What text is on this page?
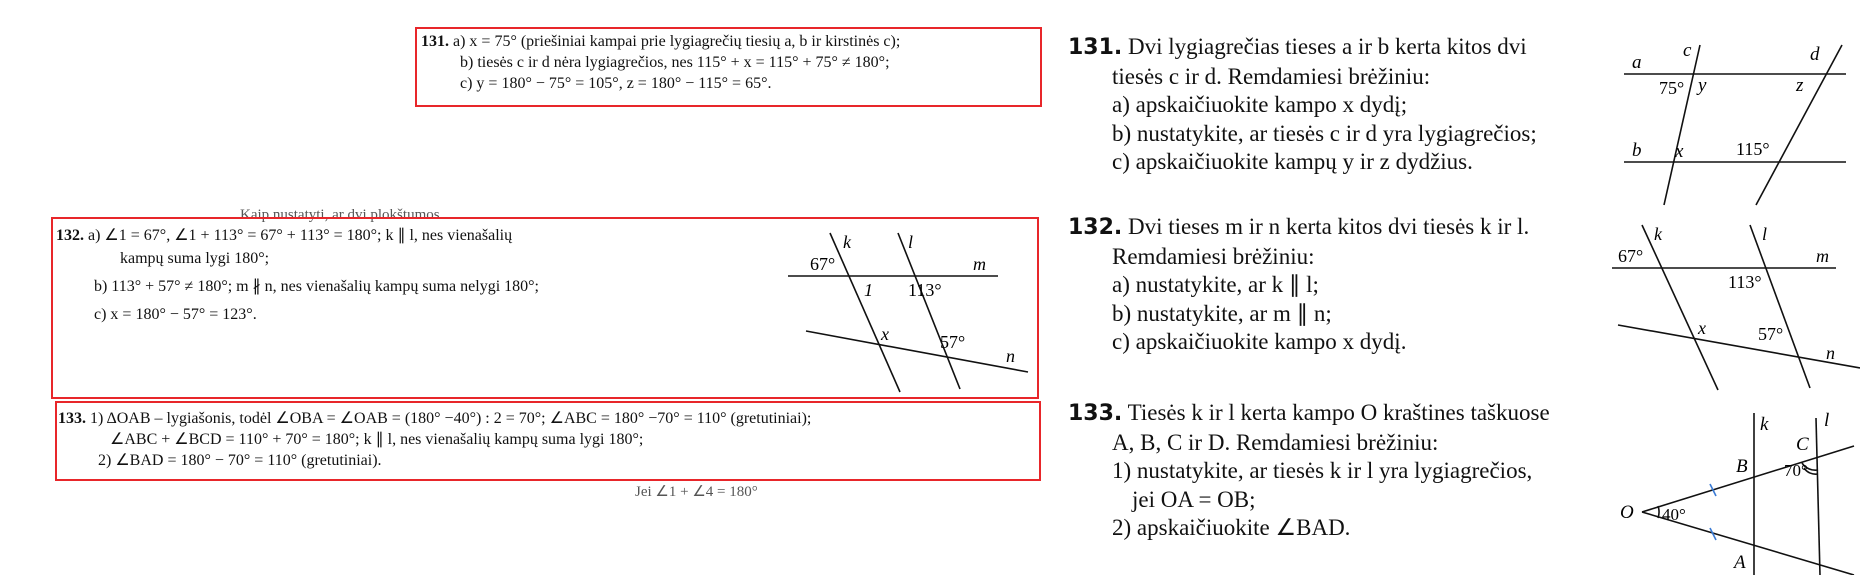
Kaip nustatyti, ar dvi plokštumos
Jei ∠1 + ∠4 = 180°
131. a) x = 75° (priešiniai kampai prie lygiagrečių tiesių a, b ir kirstinės c);
b) tiesės c ir d nėra lygiagrečios, nes 115° + x = 115° + 75° ≠ 180°;
c) y = 180° − 75° = 105°, z = 180° − 115° = 65°.
132. a) ∠1 = 67°, ∠1 + 113° = 67° + 113° = 180°; k ∥ l, nes vienašalių
kampų suma lygi 180°;
b) 113° + 57° ≠ 180°; m ∦ n, nes vienašalių kampų suma nelygi 180°;
c) x = 180° − 57° = 123°.
k	l
m
n
67°
1 113°
x	57°
133. 1) ΔOAB – lygiašonis, todėl ∠OBA = ∠OAB = (180° −40°) : 2 = 70°; ∠ABC = 180° −70° = 110° (gretutiniai);
∠ABC + ∠BCD = 110° + 70° = 180°; k ∥ l, nes vienašalių kampų suma lygi 180°;
2) ∠BAD = 180° − 70° = 110° (gretutiniai).
131. Dvi lygiagrečias tieses a ir b kerta kitos dvi
tiesės c ir d. Remdamiesi brėžiniu:
a) apskaičiuokite kampo x dydį;
b) nustatykite, ar tiesės c ir d yra lygiagrečios;
c) apskaičiuokite kampų y ir z dydžius.
132. Dvi tieses m ir n kerta kitos dvi tiesės k ir l.
Remdamiesi brėžiniu:
a) nustatykite, ar k ∥ l;
b) nustatykite, ar m ∥ n;
c) apskaičiuokite kampo x dydį.
133. Tiesės k ir l kerta kampo O kraštines taškuose
A, B, C ir D. Remdamiesi brėžiniu:
1) nustatykite, ar tiesės k ir l yra lygiagrečios,
jei OA = OB;
2) apskaičiuokite ∠BAD.
a
c	d
75° y	z
b x	115°
k	l
m
n
67°
113°
x	57°
O 40°
B
A
C
k	l
70°
